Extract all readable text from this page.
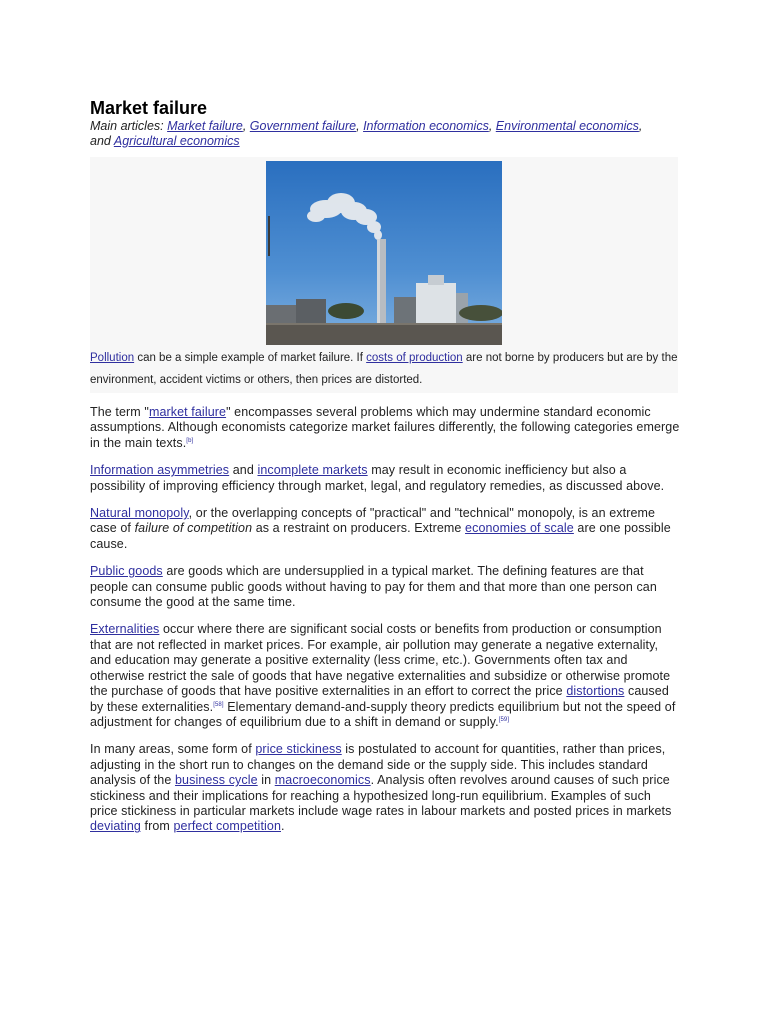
Market failure
Main articles: Market failure, Government failure, Information economics, Environmental economics,
and Agricultural economics
Pollution can be a simple example of market failure. If costs of production are not borne by producers but are by the environment, accident victims or others, then prices are distorted.

The term "market failure" encompasses several problems which may undermine standard economic assumptions. Although economists categorize market failures differently, the following categories emerge in the main texts.[b]

Information asymmetries and incomplete markets may result in economic inefficiency but also a possibility of improving efficiency through market, legal, and regulatory remedies, as discussed above.

Natural monopoly, or the overlapping concepts of "practical" and "technical" monopoly, is an extreme case of failure of competition as a restraint on producers. Extreme economies of scale are one possible cause.

Public goods are goods which are undersupplied in a typical market. The defining features are that people can consume public goods without having to pay for them and that more than one person can consume the good at the same time.

Externalities occur where there are significant social costs or benefits from production or consumption that are not reflected in market prices. For example, air pollution may generate a negative externality, and education may generate a positive externality (less crime, etc.). Governments often tax and otherwise restrict the sale of goods that have negative externalities and subsidize or otherwise promote the purchase of goods that have positive externalities in an effort to correct the price distortions caused by these externalities.[58] Elementary demand-and-supply theory predicts equilibrium but not the speed of adjustment for changes of equilibrium due to a shift in demand or supply.[59]

In many areas, some form of price stickiness is postulated to account for quantities, rather than prices, adjusting in the short run to changes on the demand side or the supply side. This includes standard analysis of the business cycle in macroeconomics. Analysis often revolves around causes of such price stickiness and their implications for reaching a hypothesized long-run equilibrium. Examples of such price stickiness in particular markets include wage rates in labour markets and posted prices in markets deviating from perfect competition.
